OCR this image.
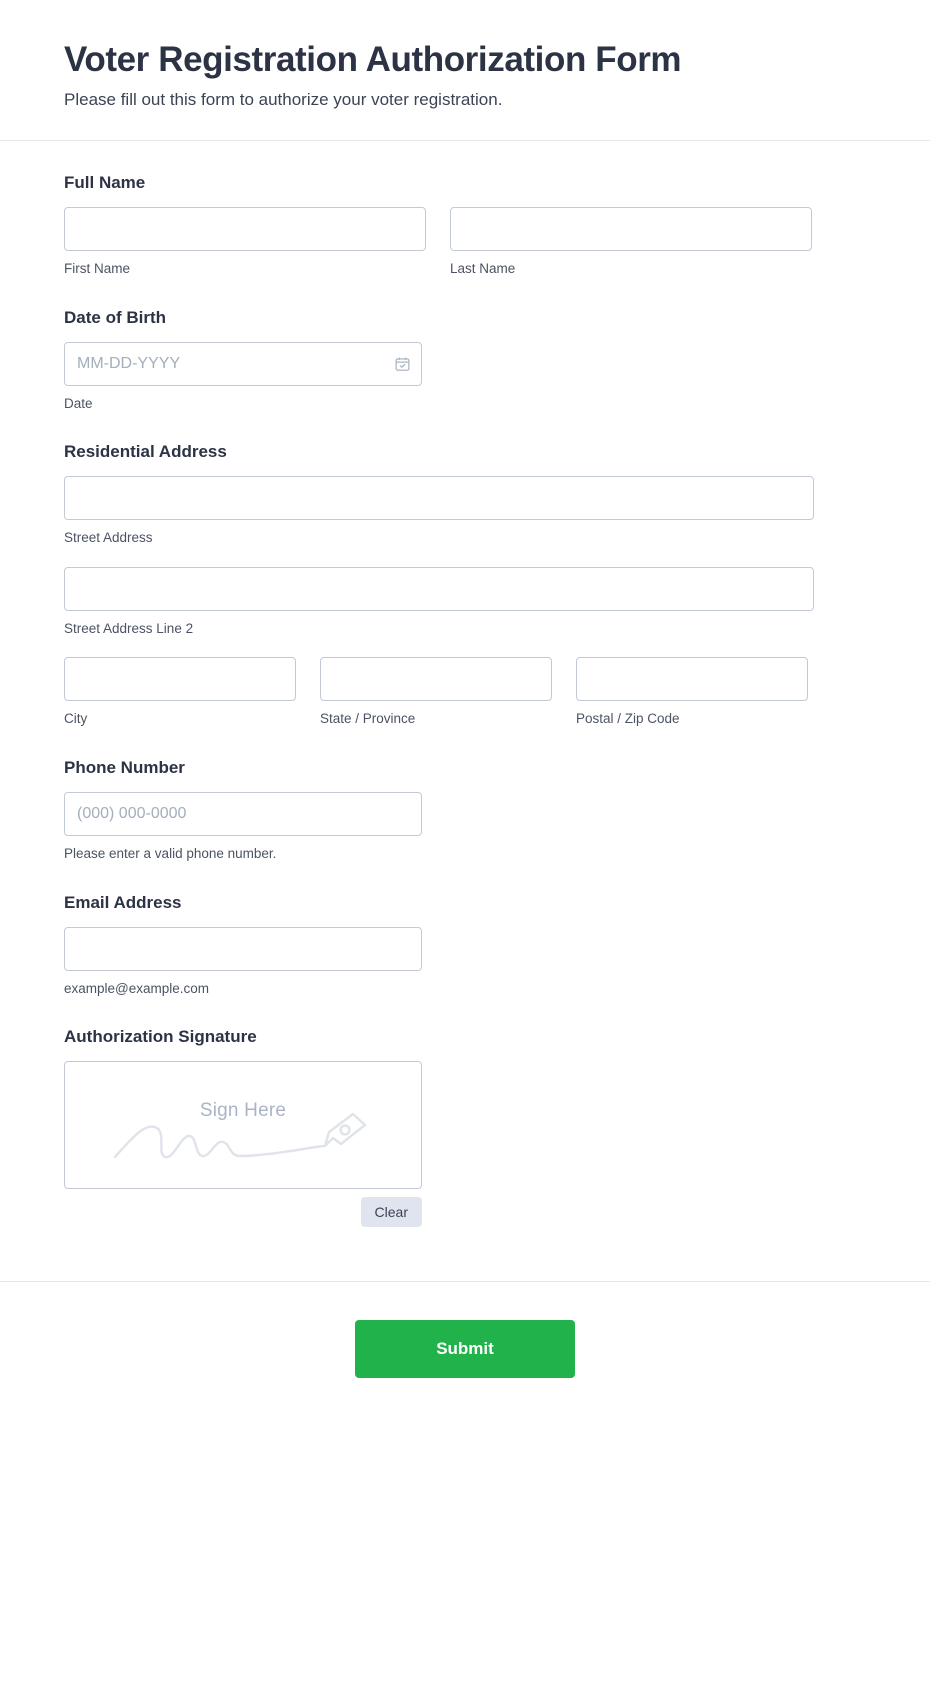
Voter Registration Authorization Form

Please fill out this form to authorize your voter registration.

Full Name
First Name	Last Name
Date of Birth
MM-DD-YYYY
Date
Residential Address
Street Address
Street Address Line 2
City	State / Province	Postal / Zip Code
Phone Number
(000) 000-0000
Please enter a valid phone number.
Email Address
example@example.com
Authorization Signature
Sign Here
Clear
Submit
